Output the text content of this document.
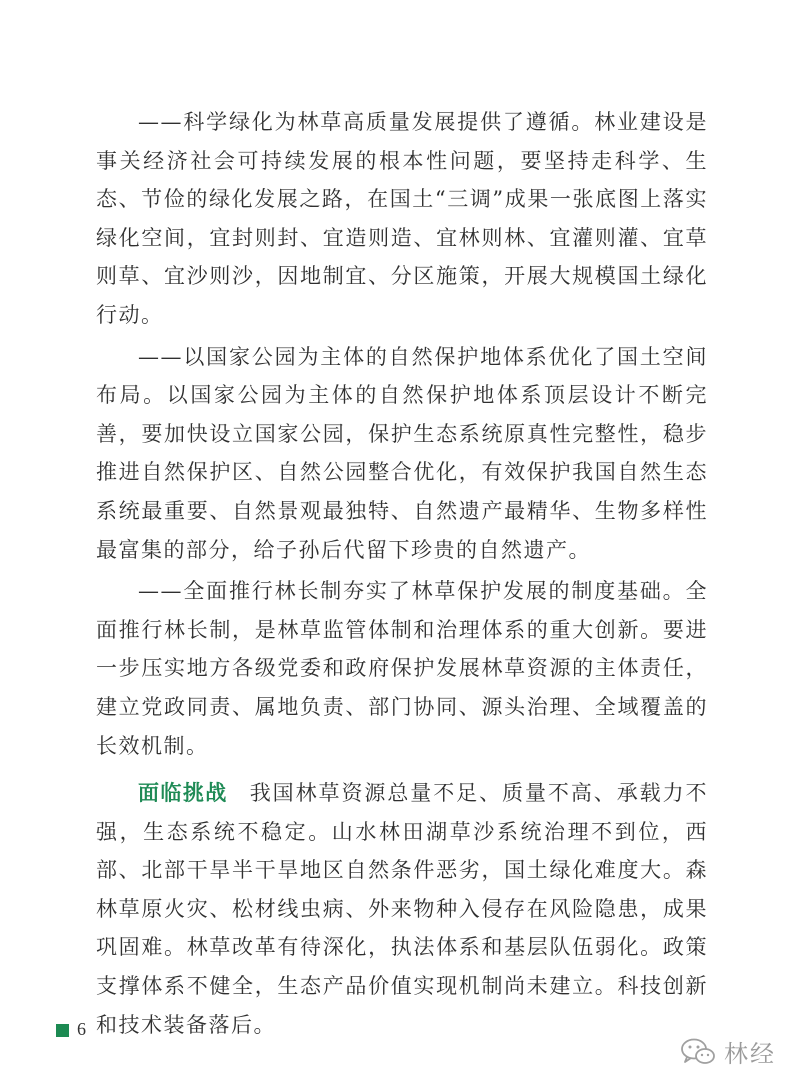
——科学绿化为林草高质量发展提供了遵循。林业建设是事关经济社会可持续发展的根本性问题，要坚持走科学、生态、节俭的绿化发展之路，在国土“三调”成果一张底图上落实绿化空间，宜封则封、宜造则造、宜林则林、宜灌则灌、宜草则草、宜沙则沙，因地制宜、分区施策，开展大规模国土绿化行动。

——以国家公园为主体的自然保护地体系优化了国土空间布局。以国家公园为主体的自然保护地体系顶层设计不断完善，要加快设立国家公园，保护生态系统原真性完整性，稳步推进自然保护区、自然公园整合优化，有效保护我国自然生态系统最重要、自然景观最独特、自然遗产最精华、生物多样性最富集的部分，给子孙后代留下珍贵的自然遗产。

——全面推行林长制夯实了林草保护发展的制度基础。全面推行林长制，是林草监管体制和治理体系的重大创新。要进一步压实地方各级党委和政府保护发展林草资源的主体责任，建立党政同责、属地负责、部门协同、源头治理、全域覆盖的长效机制。

面临挑战 我国林草资源总量不足、质量不高、承载力不强，生态系统不稳定。山水林田湖草沙系统治理不到位，西部、北部干旱半干旱地区自然条件恶劣，国土绿化难度大。森林草原火灾、松材线虫病、外来物种入侵存在风险隐患，成果巩固难。林草改革有待深化，执法体系和基层队伍弱化。政策支撑体系不健全，生态产品价值实现机制尚未建立。科技创新和技术装备落后。

6
林经
